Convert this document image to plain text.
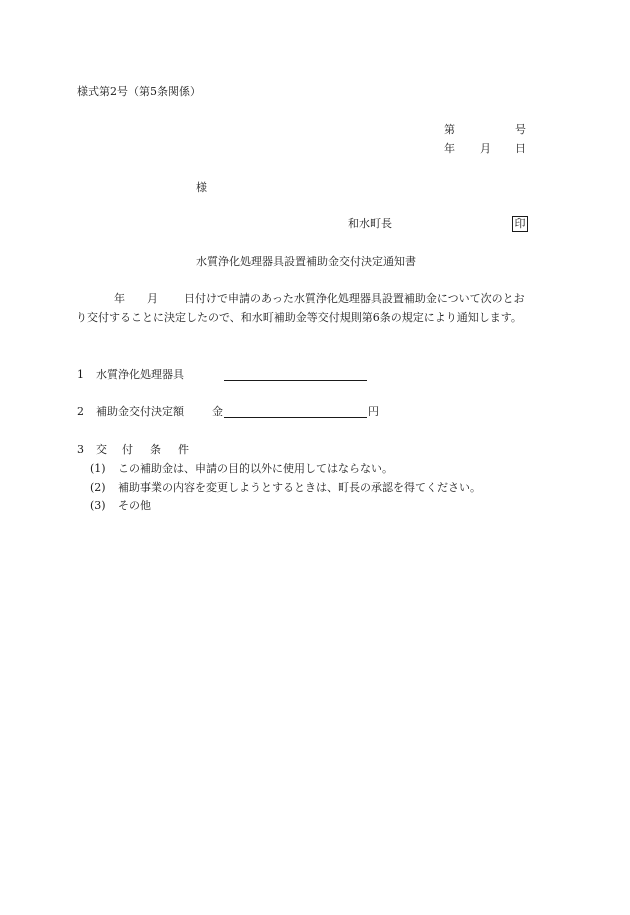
様式第2号（第5条関係）
第	号
年 月 日
様
和水町長	印
水質浄化処理器具設置補助金交付決定通知書
年 月 日付けで申請のあった水質浄化処理器具設置補助金について次のとお
り交付することに決定したので、和水町補助金等交付規則第6条の規定により通知します。
1 水質浄化処理器具
2 補助金交付決定額	金	円
3 交 付 条 件
(1) この補助金は、申請の目的以外に使用してはならない。
(2) 補助事業の内容を変更しようとするときは、町長の承認を得てください。
(3) その他
